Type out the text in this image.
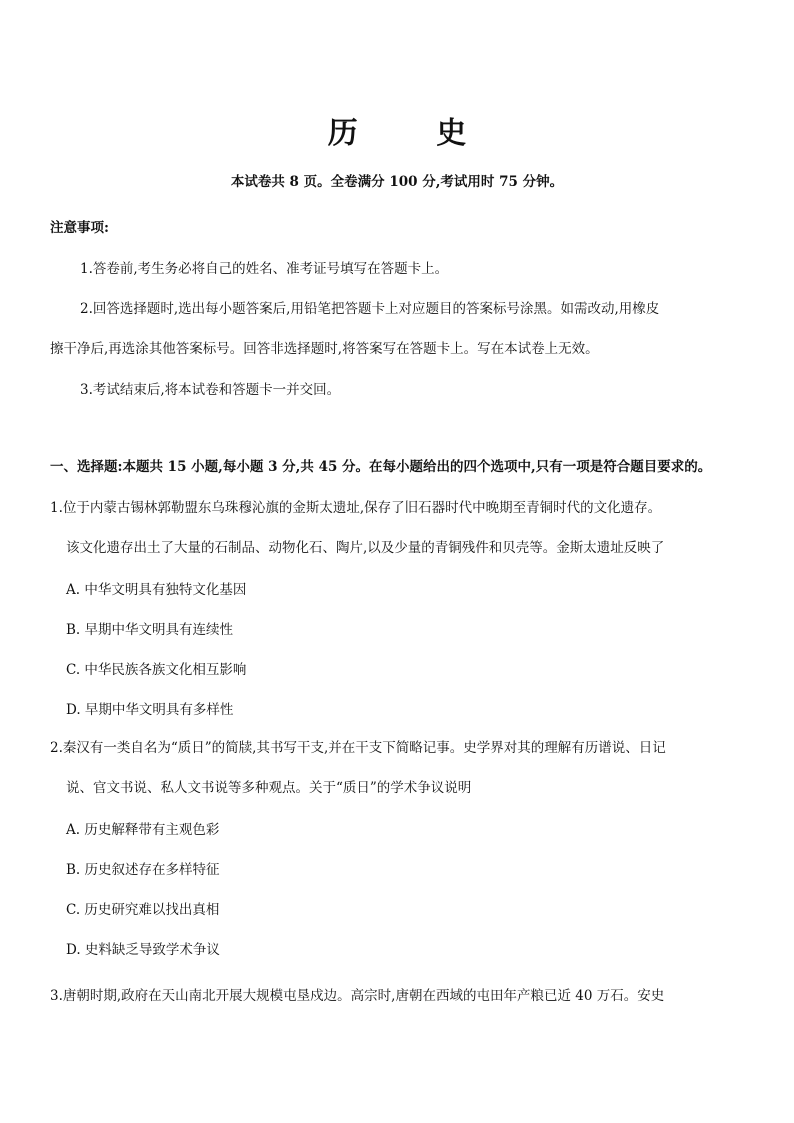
历 史
本试卷共 8 页。全卷满分 100 分,考试用时 75 分钟。
注意事项:
1.答卷前,考生务必将自己的姓名、准考证号填写在答题卡上。
2.回答选择题时,选出每小题答案后,用铅笔把答题卡上对应题目的答案标号涂黑。如需改动,用橡皮
擦干净后,再选涂其他答案标号。回答非选择题时,将答案写在答题卡上。写在本试卷上无效。
3.考试结束后,将本试卷和答题卡一并交回。
一、选择题:本题共 15 小题,每小题 3 分,共 45 分。在每小题给出的四个选项中,只有一项是符合题目要求的。
1.位于内蒙古锡林郭勒盟东乌珠穆沁旗的金斯太遗址,保存了旧石器时代中晚期至青铜时代的文化遗存。
该文化遗存出土了大量的石制品、动物化石、陶片,以及少量的青铜残件和贝壳等。金斯太遗址反映了
A. 中华文明具有独特文化基因
B. 早期中华文明具有连续性
C. 中华民族各族文化相互影响
D. 早期中华文明具有多样性
2.秦汉有一类自名为“质日”的简牍,其书写干支,并在干支下简略记事。史学界对其的理解有历谱说、日记
说、官文书说、私人文书说等多种观点。关于“质日”的学术争议说明
A. 历史解释带有主观色彩
B. 历史叙述存在多样特征
C. 历史研究难以找出真相
D. 史料缺乏导致学术争议
3.唐朝时期,政府在天山南北开展大规模屯垦戍边。高宗时,唐朝在西域的屯田年产粮已近 40 万石。安史
